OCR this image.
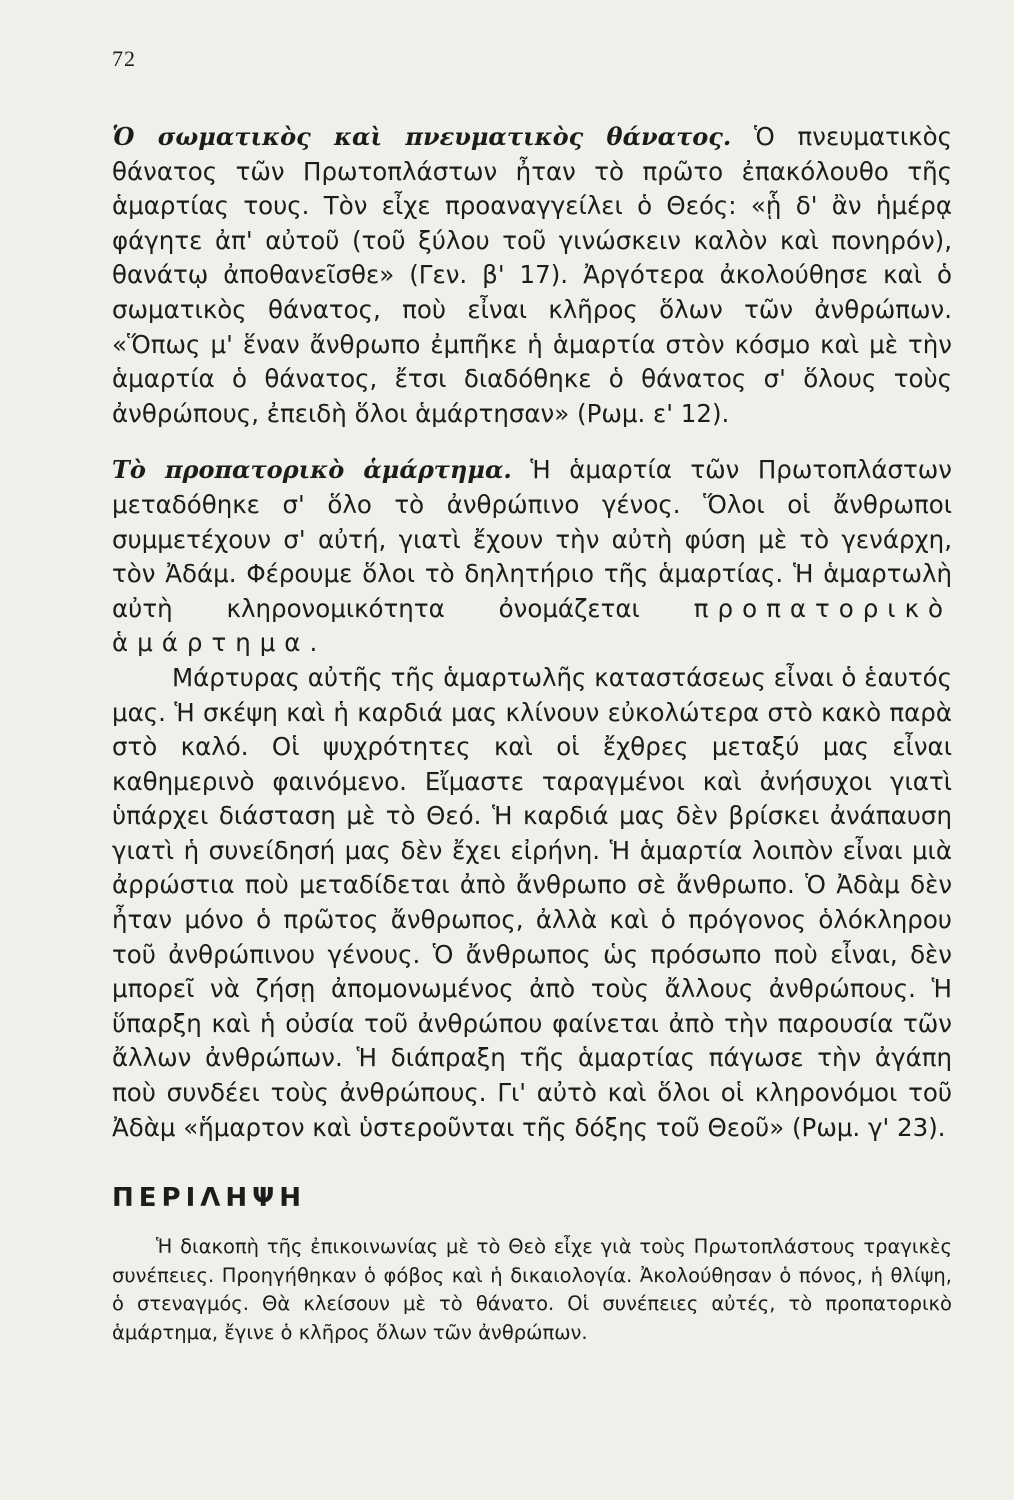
72

Ὁ σωματικὸς καὶ πνευματικὸς θάνατος. Ὁ πνευματικὸς θάνατος τῶν Πρωτοπλάστων ἦταν τὸ πρῶτο ἐπακόλουθο τῆς ἁμαρτίας τους. Τὸν εἶχε προαναγγείλει ὁ Θεός: «ᾗ δ' ἂν ἡμέρᾳ φάγητε ἀπ' αὐτοῦ (τοῦ ξύλου τοῦ γινώσκειν καλὸν καὶ πονηρόν), θανάτῳ ἀποθανεῖσθε» (Γεν. β' 17). Ἀργότερα ἀκολούθησε καὶ ὁ σωματικὸς θάνατος, ποὺ εἶναι κλῆρος ὅλων τῶν ἀνθρώπων. «Ὅπως μ' ἕναν ἄνθρωπο ἐμπῆκε ἡ ἁμαρτία στὸν κόσμο καὶ μὲ τὴν ἁμαρτία ὁ θάνατος, ἔτσι διαδόθηκε ὁ θάνατος σ' ὅλους τοὺς ἀνθρώπους, ἐπειδὴ ὅλοι ἁμάρτησαν» (Ρωμ. ε' 12).

Τὸ προπατορικὸ ἁμάρτημα. Ἡ ἁμαρτία τῶν Πρωτοπλάστων μεταδόθηκε σ' ὅλο τὸ ἀνθρώπινο γένος. Ὅλοι οἱ ἄνθρωποι συμμετέχουν σ' αὐτή, γιατὶ ἔχουν τὴν αὐτὴ φύση μὲ τὸ γενάρχη, τὸν Ἀδάμ. Φέρουμε ὅλοι τὸ δηλητήριο τῆς ἁμαρτίας. Ἡ ἁμαρτωλὴ αὐτὴ κληρονομικότητα ὀνομάζεται προπατορικὸ ἁμάρτημα.

Μάρτυρας αὐτῆς τῆς ἁμαρτωλῆς καταστάσεως εἶναι ὁ ἑαυτός μας. Ἡ σκέψη καὶ ἡ καρδιά μας κλίνουν εὐκολώτερα στὸ κακὸ παρὰ στὸ καλό. Οἱ ψυχρότητες καὶ οἱ ἔχθρες μεταξύ μας εἶναι καθημερινὸ φαινόμενο. Εἴμαστε ταραγμένοι καὶ ἀνήσυχοι γιατὶ ὑπάρχει διάσταση μὲ τὸ Θεό. Ἡ καρδιά μας δὲν βρίσκει ἀνάπαυση γιατὶ ἡ συνείδησή μας δὲν ἔχει εἰρήνη. Ἡ ἁμαρτία λοιπὸν εἶναι μιὰ ἀρρώστια ποὺ μεταδίδεται ἀπὸ ἄνθρωπο σὲ ἄνθρωπο. Ὁ Ἀδὰμ δὲν ἦταν μόνο ὁ πρῶτος ἄνθρωπος, ἀλλὰ καὶ ὁ πρόγονος ὁλόκληρου τοῦ ἀνθρώπινου γένους. Ὁ ἄνθρωπος ὡς πρόσωπο ποὺ εἶναι, δὲν μπορεῖ νὰ ζήσῃ ἀπομονωμένος ἀπὸ τοὺς ἄλλους ἀνθρώπους. Ἡ ὕπαρξη καὶ ἡ οὐσία τοῦ ἀνθρώπου φαίνεται ἀπὸ τὴν παρουσία τῶν ἄλλων ἀνθρώπων. Ἡ διάπραξη τῆς ἁμαρτίας πάγωσε τὴν ἀγάπη ποὺ συνδέει τοὺς ἀνθρώπους. Γι' αὐτὸ καὶ ὅλοι οἱ κληρονόμοι τοῦ Ἀδὰμ «ἥμαρτον καὶ ὑστεροῦνται τῆς δόξης τοῦ Θεοῦ» (Ρωμ. γ' 23).

ΠΕΡΙΛΗΨΗ

Ἡ διακοπὴ τῆς ἐπικοινωνίας μὲ τὸ Θεὸ εἶχε γιὰ τοὺς Πρωτοπλάστους τραγικὲς συνέπειες. Προηγήθηκαν ὁ φόβος καὶ ἡ δικαιολογία. Ἀκολούθησαν ὁ πόνος, ἡ θλίψη, ὁ στεναγμός. Θὰ κλείσουν μὲ τὸ θάνατο. Οἱ συνέπειες αὐτές, τὸ προπατορικὸ ἁμάρτημα, ἔγινε ὁ κλῆρος ὅλων τῶν ἀνθρώπων.
